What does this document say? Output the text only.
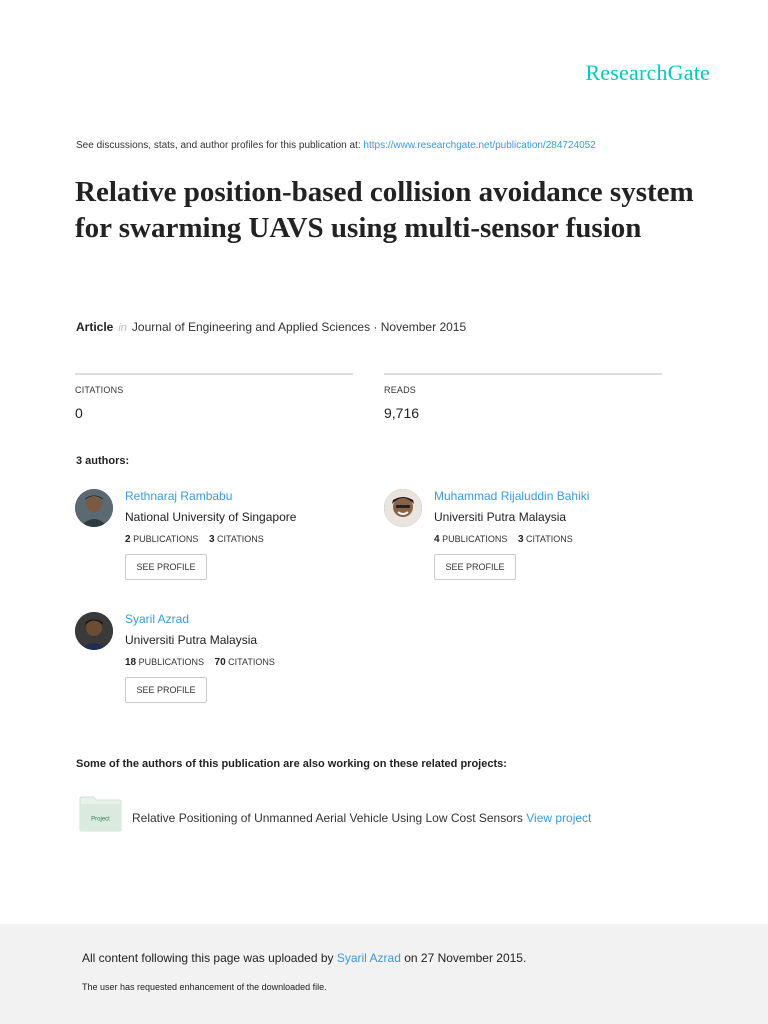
ResearchGate
See discussions, stats, and author profiles for this publication at: https://www.researchgate.net/publication/284724052
Relative position-based collision avoidance system for swarming UAVS using multi-sensor fusion
Article in Journal of Engineering and Applied Sciences · November 2015
CITATIONS
0
READS
9,716
3 authors:
Rethnaraj Rambabu
National University of Singapore
2 PUBLICATIONS 3 CITATIONS
SEE PROFILE
Muhammad Rijaluddin Bahiki
Universiti Putra Malaysia
4 PUBLICATIONS 3 CITATIONS
SEE PROFILE
Syaril Azrad
Universiti Putra Malaysia
18 PUBLICATIONS 70 CITATIONS
SEE PROFILE
Some of the authors of this publication are also working on these related projects:
Project Relative Positioning of Unmanned Aerial Vehicle Using Low Cost Sensors View project
All content following this page was uploaded by Syaril Azrad on 27 November 2015.
The user has requested enhancement of the downloaded file.
